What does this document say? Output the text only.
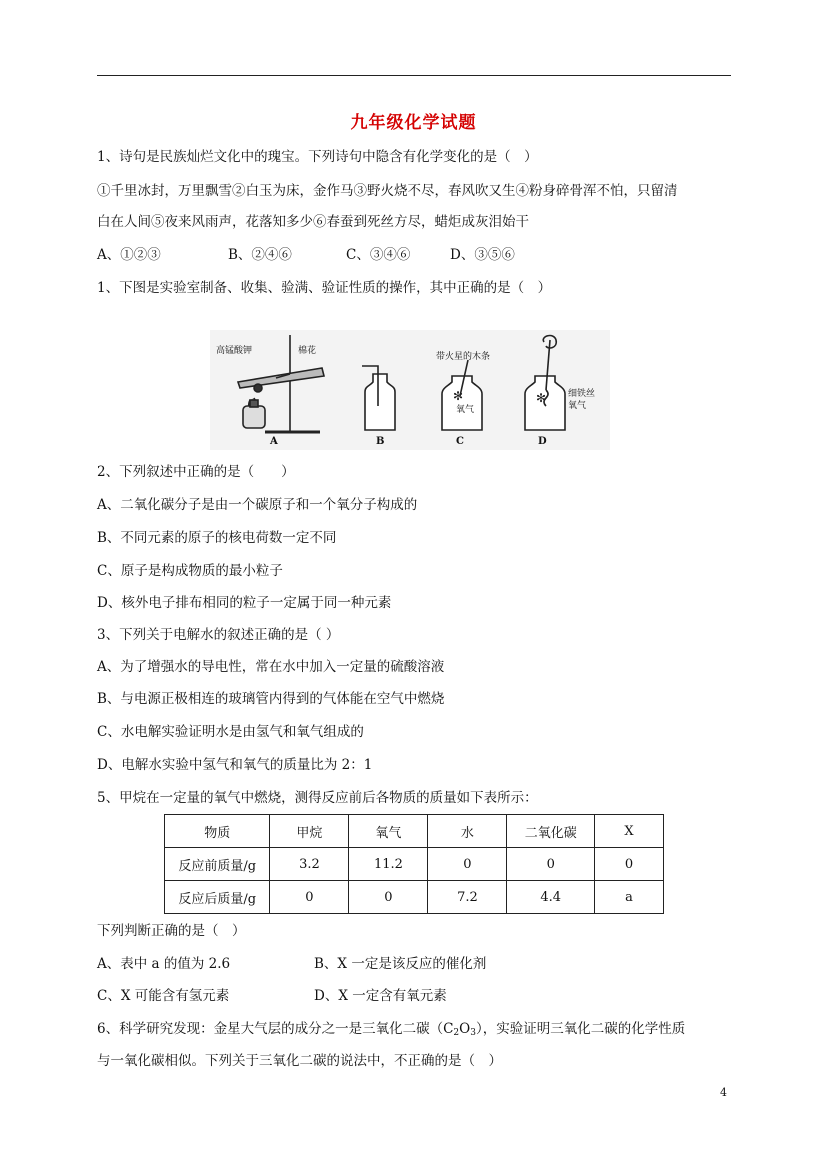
九年级化学试题
1、诗句是民族灿烂文化中的瑰宝。下列诗句中隐含有化学变化的是（　）
①千里冰封，万里飘雪②白玉为床，金作马③野火烧不尽，春风吹又生④粉身碎骨浑不怕，只留清
白在人间⑤夜来风雨声，花落知多少⑥春蚕到死丝方尽，蜡炬成灰泪始干
A、①②③	B、②④⑥	C、③④⑥	D、③⑤⑥
1、下图是实验室制备、收集、验满、验证性质的操作，其中正确的是（　）
高锰酸钾	棉花
A	B
✻
带火星的木条
氧气
C
✻ 细铁丝
氧气
D
2、下列叙述中正确的是（　　）
A、二氧化碳分子是由一个碳原子和一个氧分子构成的
B、不同元素的原子的核电荷数一定不同
C、原子是构成物质的最小粒子
D、核外电子排布相同的粒子一定属于同一种元素
3、下列关于电解水的叙述正确的是（ ）
A、为了增强水的导电性，常在水中加入一定量的硫酸溶液
B、与电源正极相连的玻璃管内得到的气体能在空气中燃烧
C、水电解实验证明水是由氢气和氧气组成的
D、电解水实验中氢气和氧气的质量比为 2：1
5、甲烷在一定量的氧气中燃烧，测得反应前后各物质的质量如下表所示：
物质	甲烷	氧气	水	二氧化碳	X
反应前质量/g	3.2	11.2	0	0	0
反应后质量/g	0	0	7.2	4.4	a
下列判断正确的是（　）
A、表中 a 的值为 2.6	B、X 一定是该反应的催化剂
C、X 可能含有氢元素	D、X 一定含有氧元素
6、科学研究发现：金星大气层的成分之一是三氧化二碳$(C_2O_3)$，实验证明三氧化二碳的化学性质
与一氧化碳相似。下列关于三氧化二碳的说法中，不正确的是（　）
4
